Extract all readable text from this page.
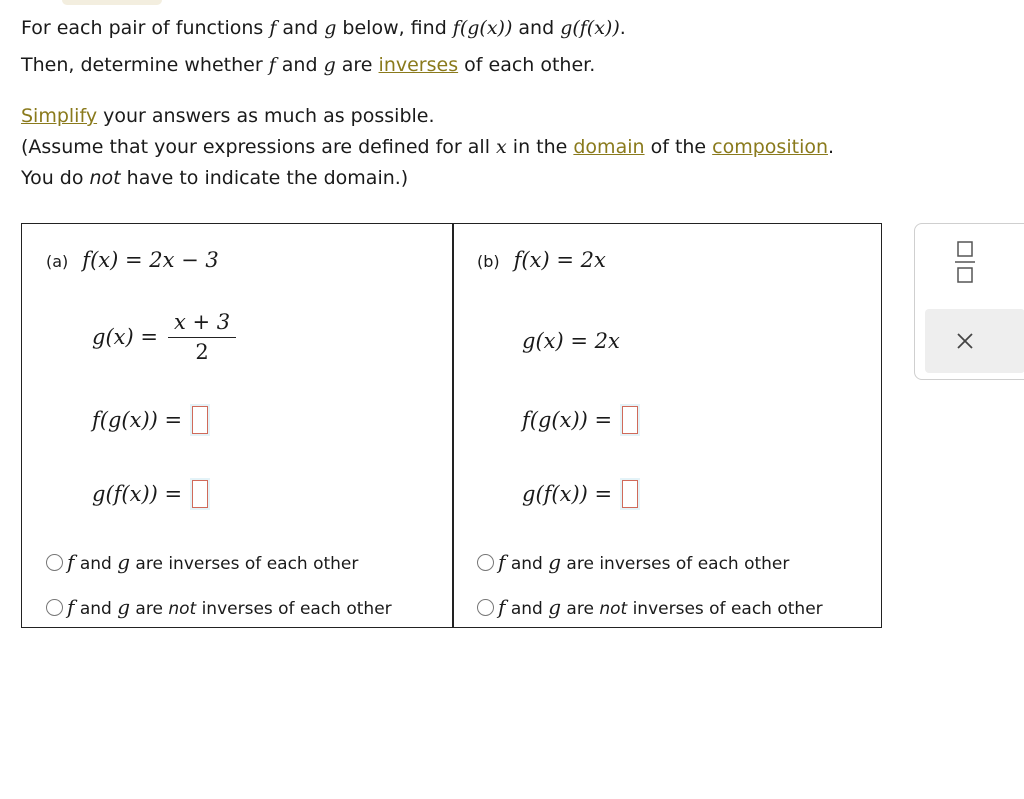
For each pair of functions f and g below, find f(g(x)) and g(f(x)).
Then, determine whether f and g are inverses of each other.
Simplify your answers as much as possible.
(Assume that your expressions are defined for all x in the domain of the composition.
You do not have to indicate the domain.)
(a) f(x) = 2x − 3
$g(x) = \frac{x + 3}{2}$
f(g(x)) =
g(f(x)) =
f and g are inverses of each other
f and g are not inverses of each other
(b) f(x) = 2x
g(x) = 2x
f(g(x)) =
g(f(x)) =
f and g are inverses of each other
f and g are not inverses of each other
